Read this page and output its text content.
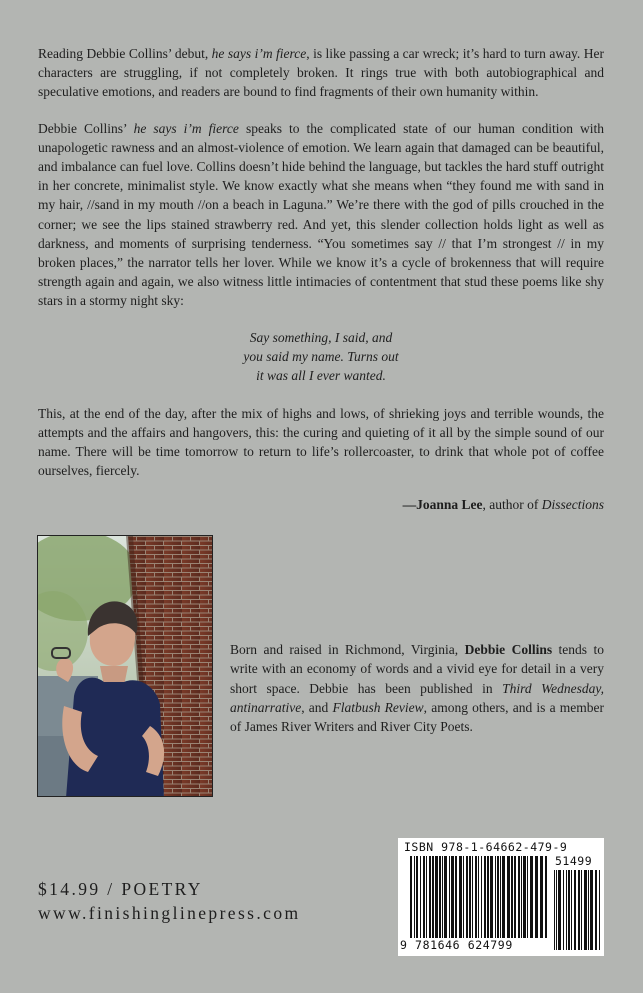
Reading Debbie Collins’ debut, he says i’m fierce, is like passing a car wreck; it’s hard to turn away. Her characters are struggling, if not completely broken. It rings true with both autobiographical and speculative emotions, and readers are bound to find fragments of their own humanity within.

Debbie Collins’ he says i’m fierce speaks to the complicated state of our human condition with unapologetic rawness and an almost-violence of emotion. We learn again that damaged can be beautiful, and imbalance can fuel love. Collins doesn’t hide behind the language, but tackles the hard stuff outright in her concrete, minimalist style. We know exactly what she means when “they found me with sand in my hair, //sand in my mouth //on a beach in Laguna.” We’re there with the god of pills crouched in the corner; we see the lips stained strawberry red. And yet, this slender collection holds light as well as darkness, and moments of surprising tenderness. “You sometimes say // that I’m strongest // in my broken places,” the narrator tells her lover. While we know it’s a cycle of brokenness that will require strength again and again, we also witness little intimacies of contentment that stud these poems like shy stars in a stormy night sky:

Say something, I said, and
you said my name. Turns out
it was all I ever wanted.

This, at the end of the day, after the mix of highs and lows, of shrieking joys and terrible wounds, the attempts and the affairs and hangovers, this: the curing and quieting of it all by the simple sound of our name. There will be time tomorrow to return to life’s rollercoaster, to drink that whole pot of coffee ourselves, fiercely.

—Joanna Lee, author of Dissections
Born and raised in Richmond, Virginia, Debbie Collins tends to write with an economy of words and a vivid eye for detail in a very short space. Debbie has been published in Third Wednesday, antinarrative, and Flatbush Review, among others, and is a member of James River Writers and River City Poets.
$14.99 / POETRY
www.finishinglinepress.com
ISBN 978-1-64662-479-9
51499
9 781646 624799
